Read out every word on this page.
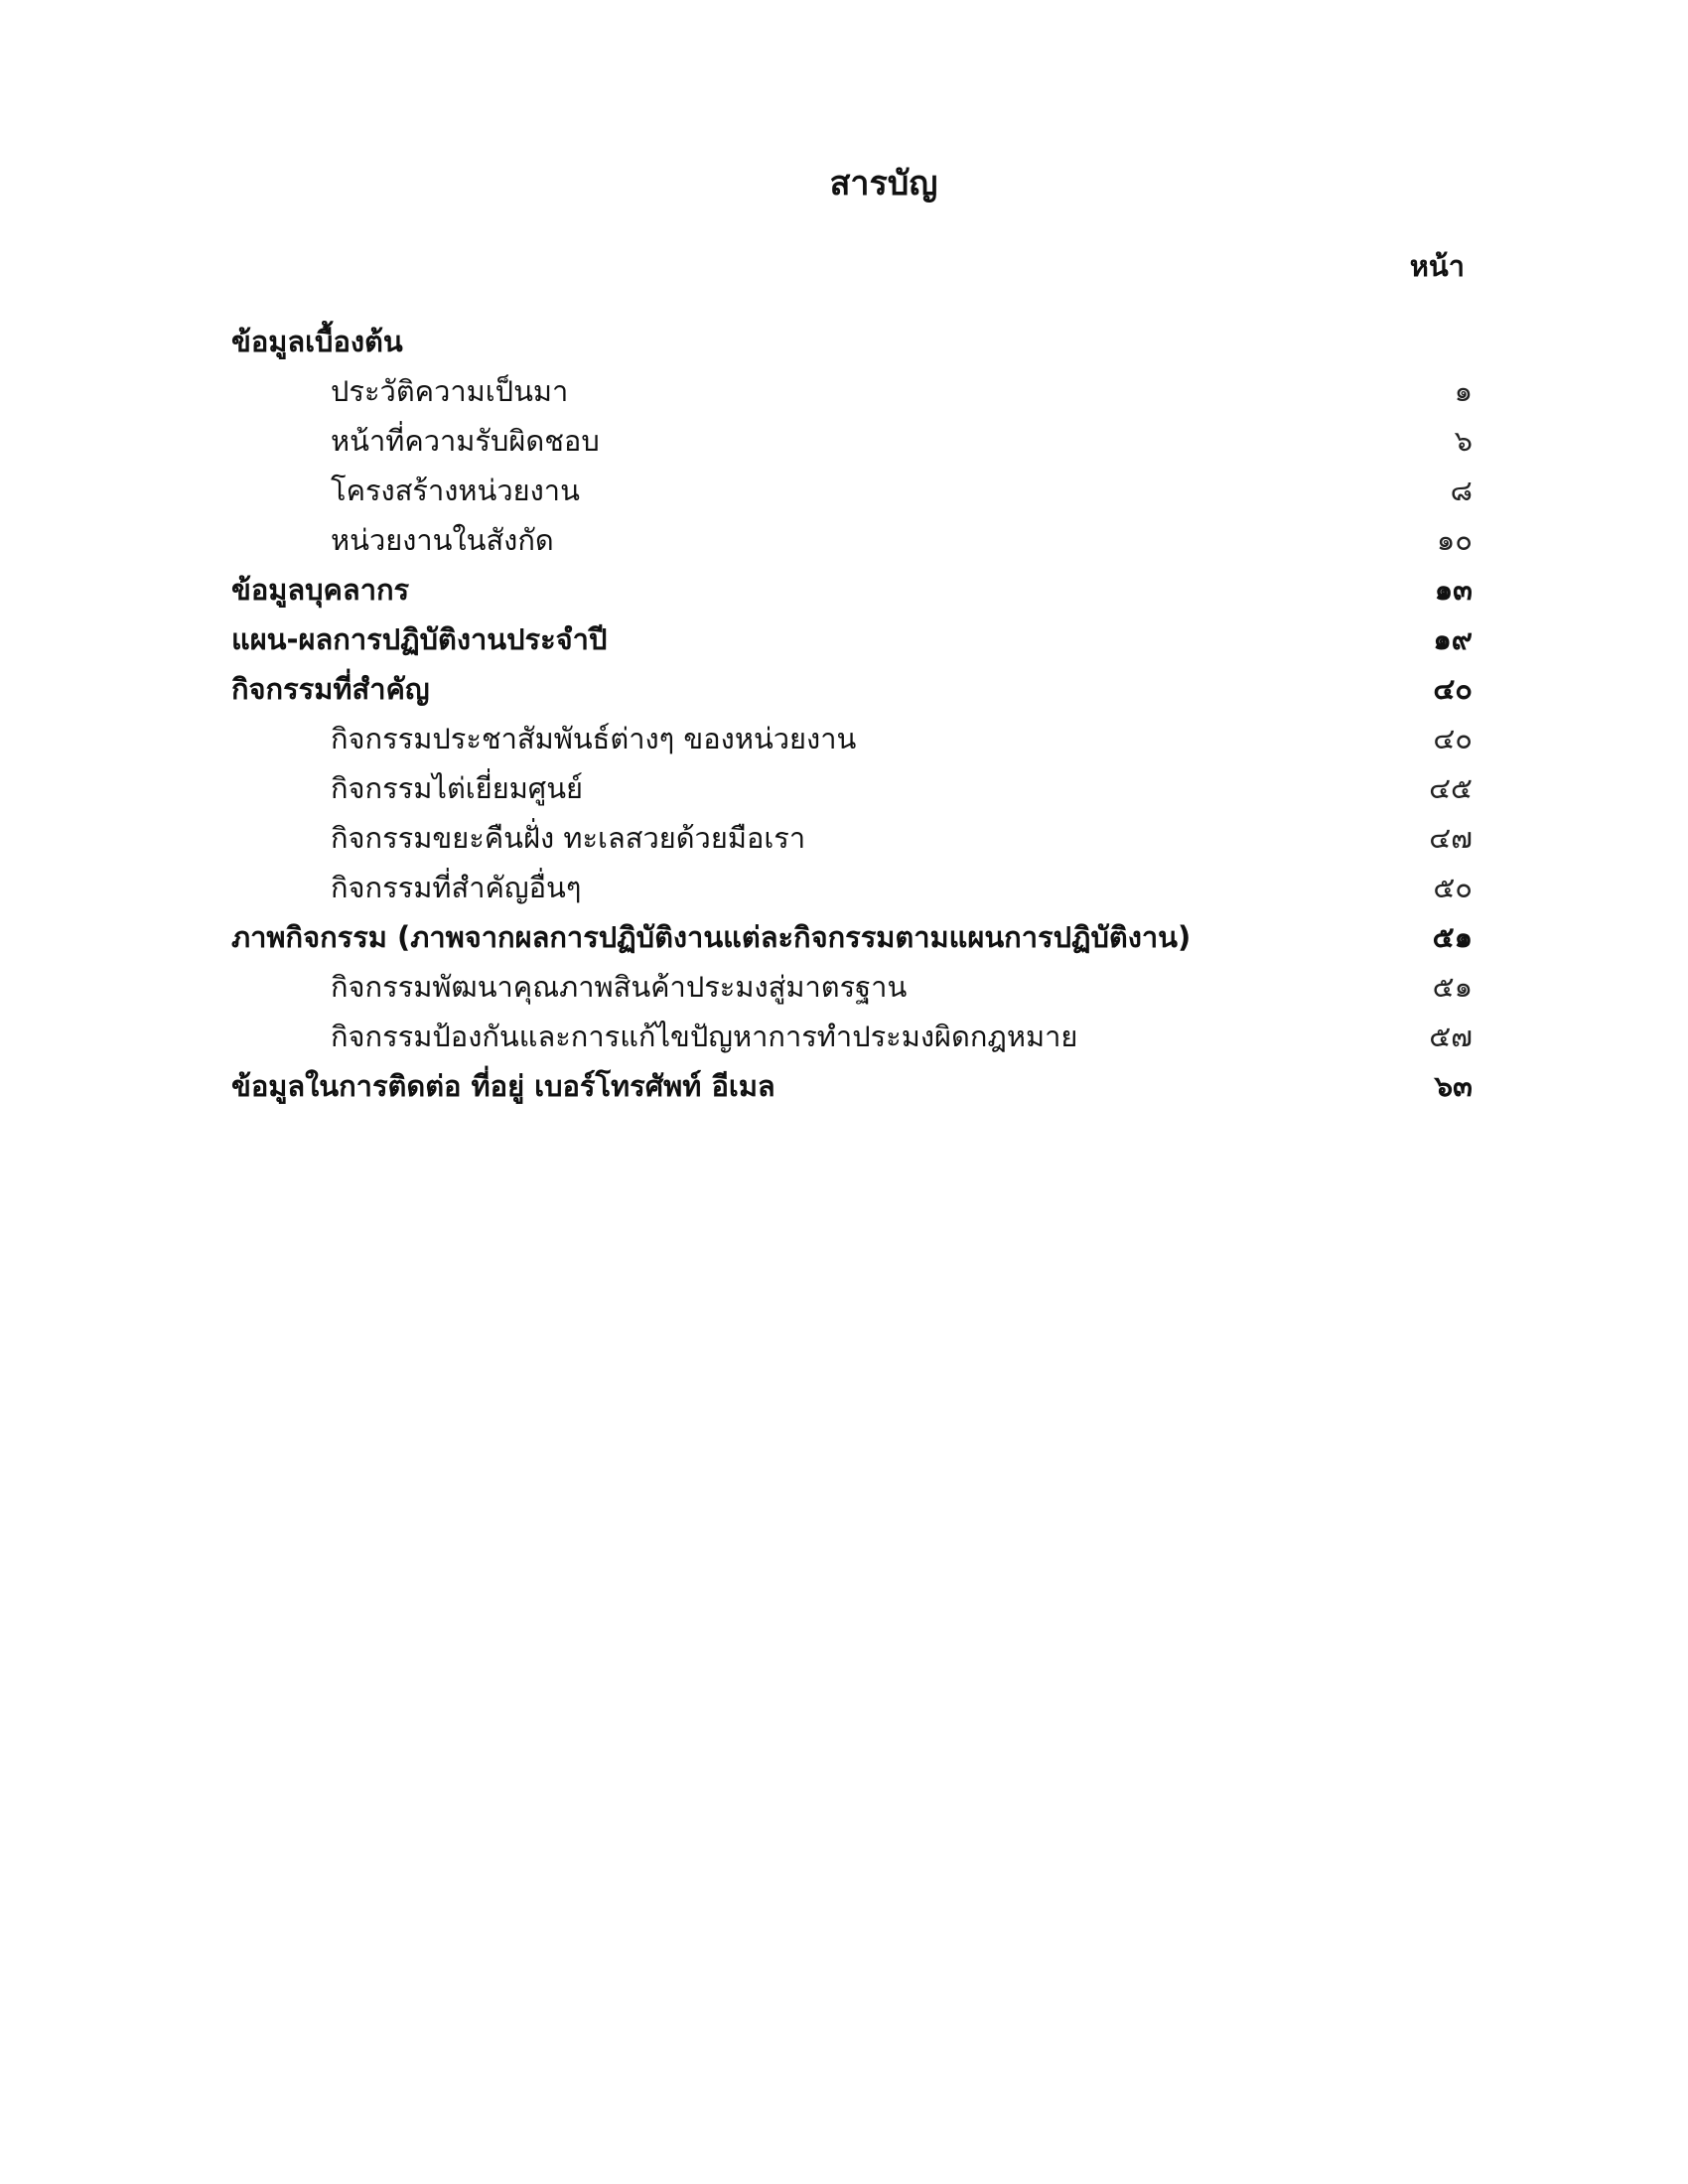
สารบัญ
หน้า
ข้อมูลเบื้องต้น
ประวัติความเป็นมา	๑
หน้าที่ความรับผิดชอบ	๖
โครงสร้างหน่วยงาน	๘
หน่วยงานในสังกัด	๑๐
ข้อมูลบุคลากร	๑๓
แผน-ผลการปฏิบัติงานประจำปี	๑๙
กิจกรรมที่สำคัญ	๔๐
กิจกรรมประชาสัมพันธ์ต่างๆ ของหน่วยงาน	๔๐
กิจกรรมไต่เยี่ยมศูนย์	๔๕
กิจกรรมขยะคืนฝั่ง ทะเลสวยด้วยมือเรา	๔๗
กิจกรรมที่สำคัญอื่นๆ	๕๐
ภาพกิจกรรม (ภาพจากผลการปฏิบัติงานแต่ละกิจกรรมตามแผนการปฏิบัติงาน)	๕๑
กิจกรรมพัฒนาคุณภาพสินค้าประมงสู่มาตรฐาน	๕๑
กิจกรรมป้องกันและการแก้ไขปัญหาการทำประมงผิดกฎหมาย	๕๗
ข้อมูลในการติดต่อ ที่อยู่ เบอร์โทรศัพท์ อีเมล	๖๓
